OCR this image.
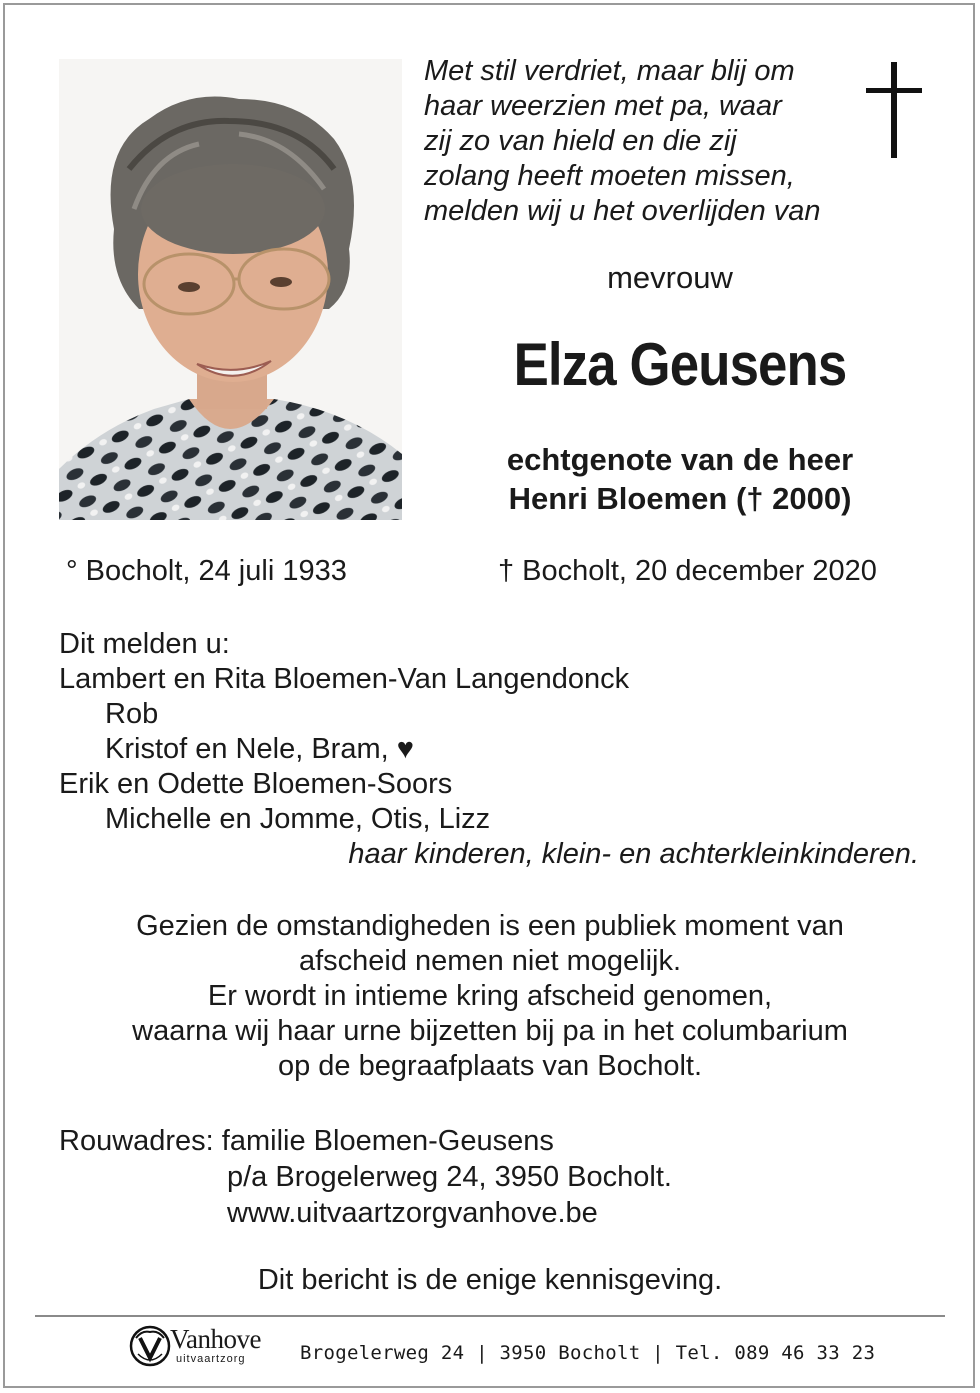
Met stil verdriet, maar blij om
haar weerzien met pa, waar
zij zo van hield en die zij
zolang heeft moeten missen,
melden wij u het overlijden van
mevrouw
Elza Geusens
echtgenote van de heer
Henri Bloemen († 2000)
° Bocholt, 24 juli 1933	† Bocholt, 20 december 2020
Dit melden u:
Lambert en Rita Bloemen-Van Langendonck
Rob
Kristof en Nele, Bram, ♥
Erik en Odette Bloemen-Soors
Michelle en Jomme, Otis, Lizz
haar kinderen, klein- en achterkleinkinderen.
Gezien de omstandigheden is een publiek moment van
afscheid nemen niet mogelijk.
Er wordt in intieme kring afscheid genomen,
waarna wij haar urne bijzetten bij pa in het columbarium
op de begraafplaats van Bocholt.
Rouwadres: familie Bloemen-Geusens
p/a Brogelerweg 24, 3950 Bocholt.
www.uitvaartzorgvanhove.be
Dit bericht is de enige kennisgeving.
Vanhove
uitvaartzorg	Brogelerweg 24 | 3950 Bocholt | Tel. 089 46 33 23
